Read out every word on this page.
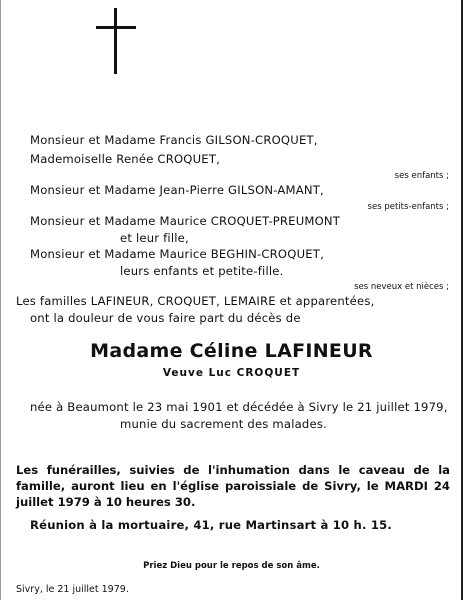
Monsieur et Madame Francis GILSON-CROQUET,
Mademoiselle Renée CROQUET,
ses enfants ;
Monsieur et Madame Jean-Pierre GILSON-AMANT,
ses petits-enfants ;
Monsieur et Madame Maurice CROQUET-PREUMONT
et leur fille,
Monsieur et Madame Maurice BEGHIN-CROQUET,
leurs enfants et petite-fille.
ses neveux et nièces ;
Les familles LAFINEUR, CROQUET, LEMAIRE et apparentées,
ont la douleur de vous faire part du décès de
Madame Céline LAFINEUR
Veuve Luc CROQUET
née à Beaumont le 23 mai 1901 et décédée à Sivry le 21 juillet 1979,
munie du sacrement des malades.
Les funérailles, suivies de l'inhumation dans le caveau de la famille, auront lieu en l'église paroissiale de Sivry, le MARDI 24 juillet 1979 à 10 heures 30.
Réunion à la mortuaire, 41, rue Martinsart à 10 h. 15.
Priez Dieu pour le repos de son âme.
Sivry, le 21 juillet 1979.
